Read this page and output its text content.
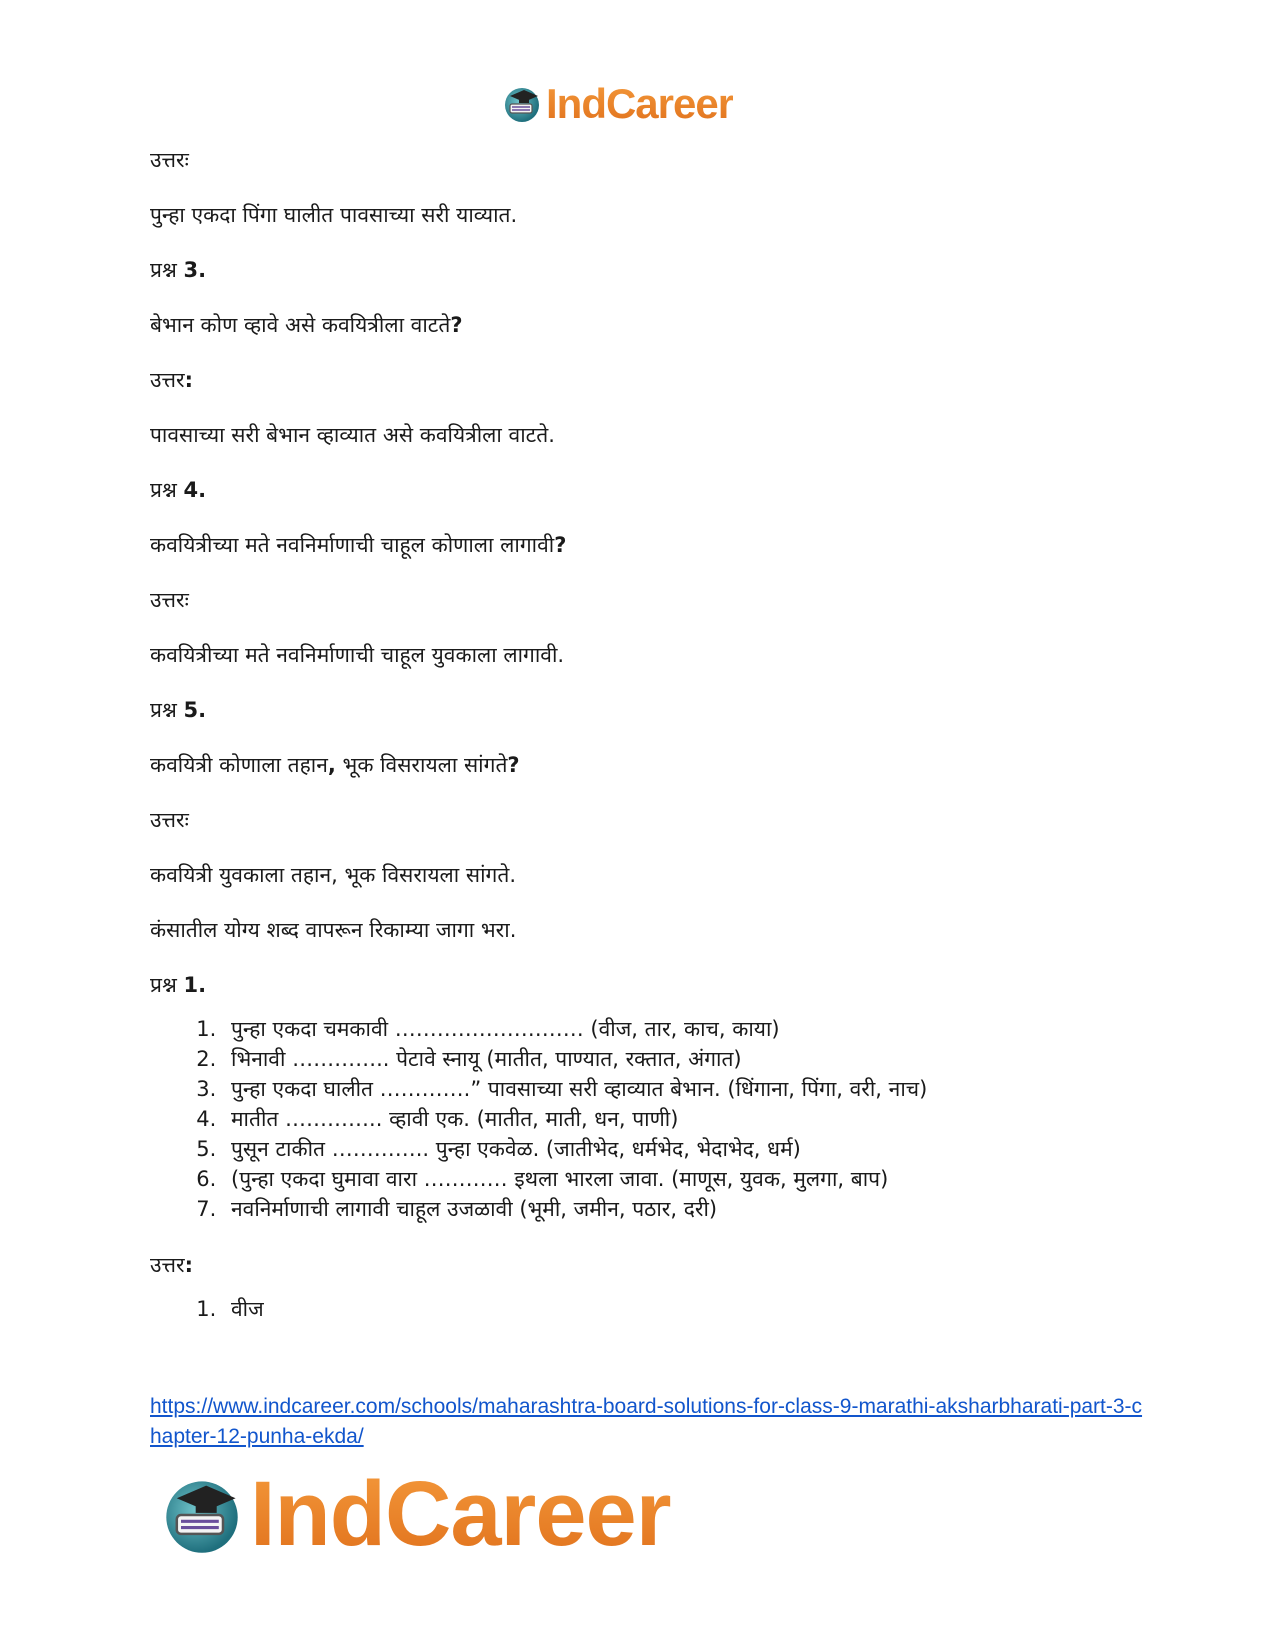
IndCareer

उत्तरः

पुन्हा एकदा पिंगा घालीत पावसाच्या सरी याव्यात.

प्रश्न 3.

बेभान कोण व्हावे असे कवयित्रीला वाटते?

उत्तर:

पावसाच्या सरी बेभान व्हाव्यात असे कवयित्रीला वाटते.

प्रश्न 4.

कवयित्रीच्या मते नवनिर्माणाची चाहूल कोणाला लागावी?

उत्तरः

कवयित्रीच्या मते नवनिर्माणाची चाहूल युवकाला लागावी.

प्रश्न 5.

कवयित्री कोणाला तहान, भूक विसरायला सांगते?

उत्तरः

कवयित्री युवकाला तहान, भूक विसरायला सांगते.

कंसातील योग्य शब्द वापरून रिकाम्या जागा भरा.

प्रश्न 1.

1. पुन्हा एकदा चमकावी ……………………… (वीज, तार, काच, काया)
2. भिनावी ………….. पेटावे स्नायू (मातीत, पाण्यात, रक्तात, अंगात)
3. पुन्हा एकदा घालीत ………….” पावसाच्या सरी व्हाव्यात बेभान. (धिंगाना, पिंगा, वरी, नाच)
4. मातीत ………….. व्हावी एक. (मातीत, माती, धन, पाणी)
5. पुसून टाकीत ………….. पुन्हा एकवेळ. (जातीभेद, धर्मभेद, भेदाभेद, धर्म)
6. (पुन्हा एकदा घुमावा वारा ………… इथला भारला जावा. (माणूस, युवक, मुलगा, बाप)
7. नवनिर्माणाची लागावी चाहूल उजळावी (भूमी, जमीन, पठार, दरी)

उत्तर:

1. वीज
https://www.indcareer.com/schools/maharashtra-board-solutions-for-class-9-marathi-aksharbharati-part-3-chapter-12-punha-ekda/
IndCareer
